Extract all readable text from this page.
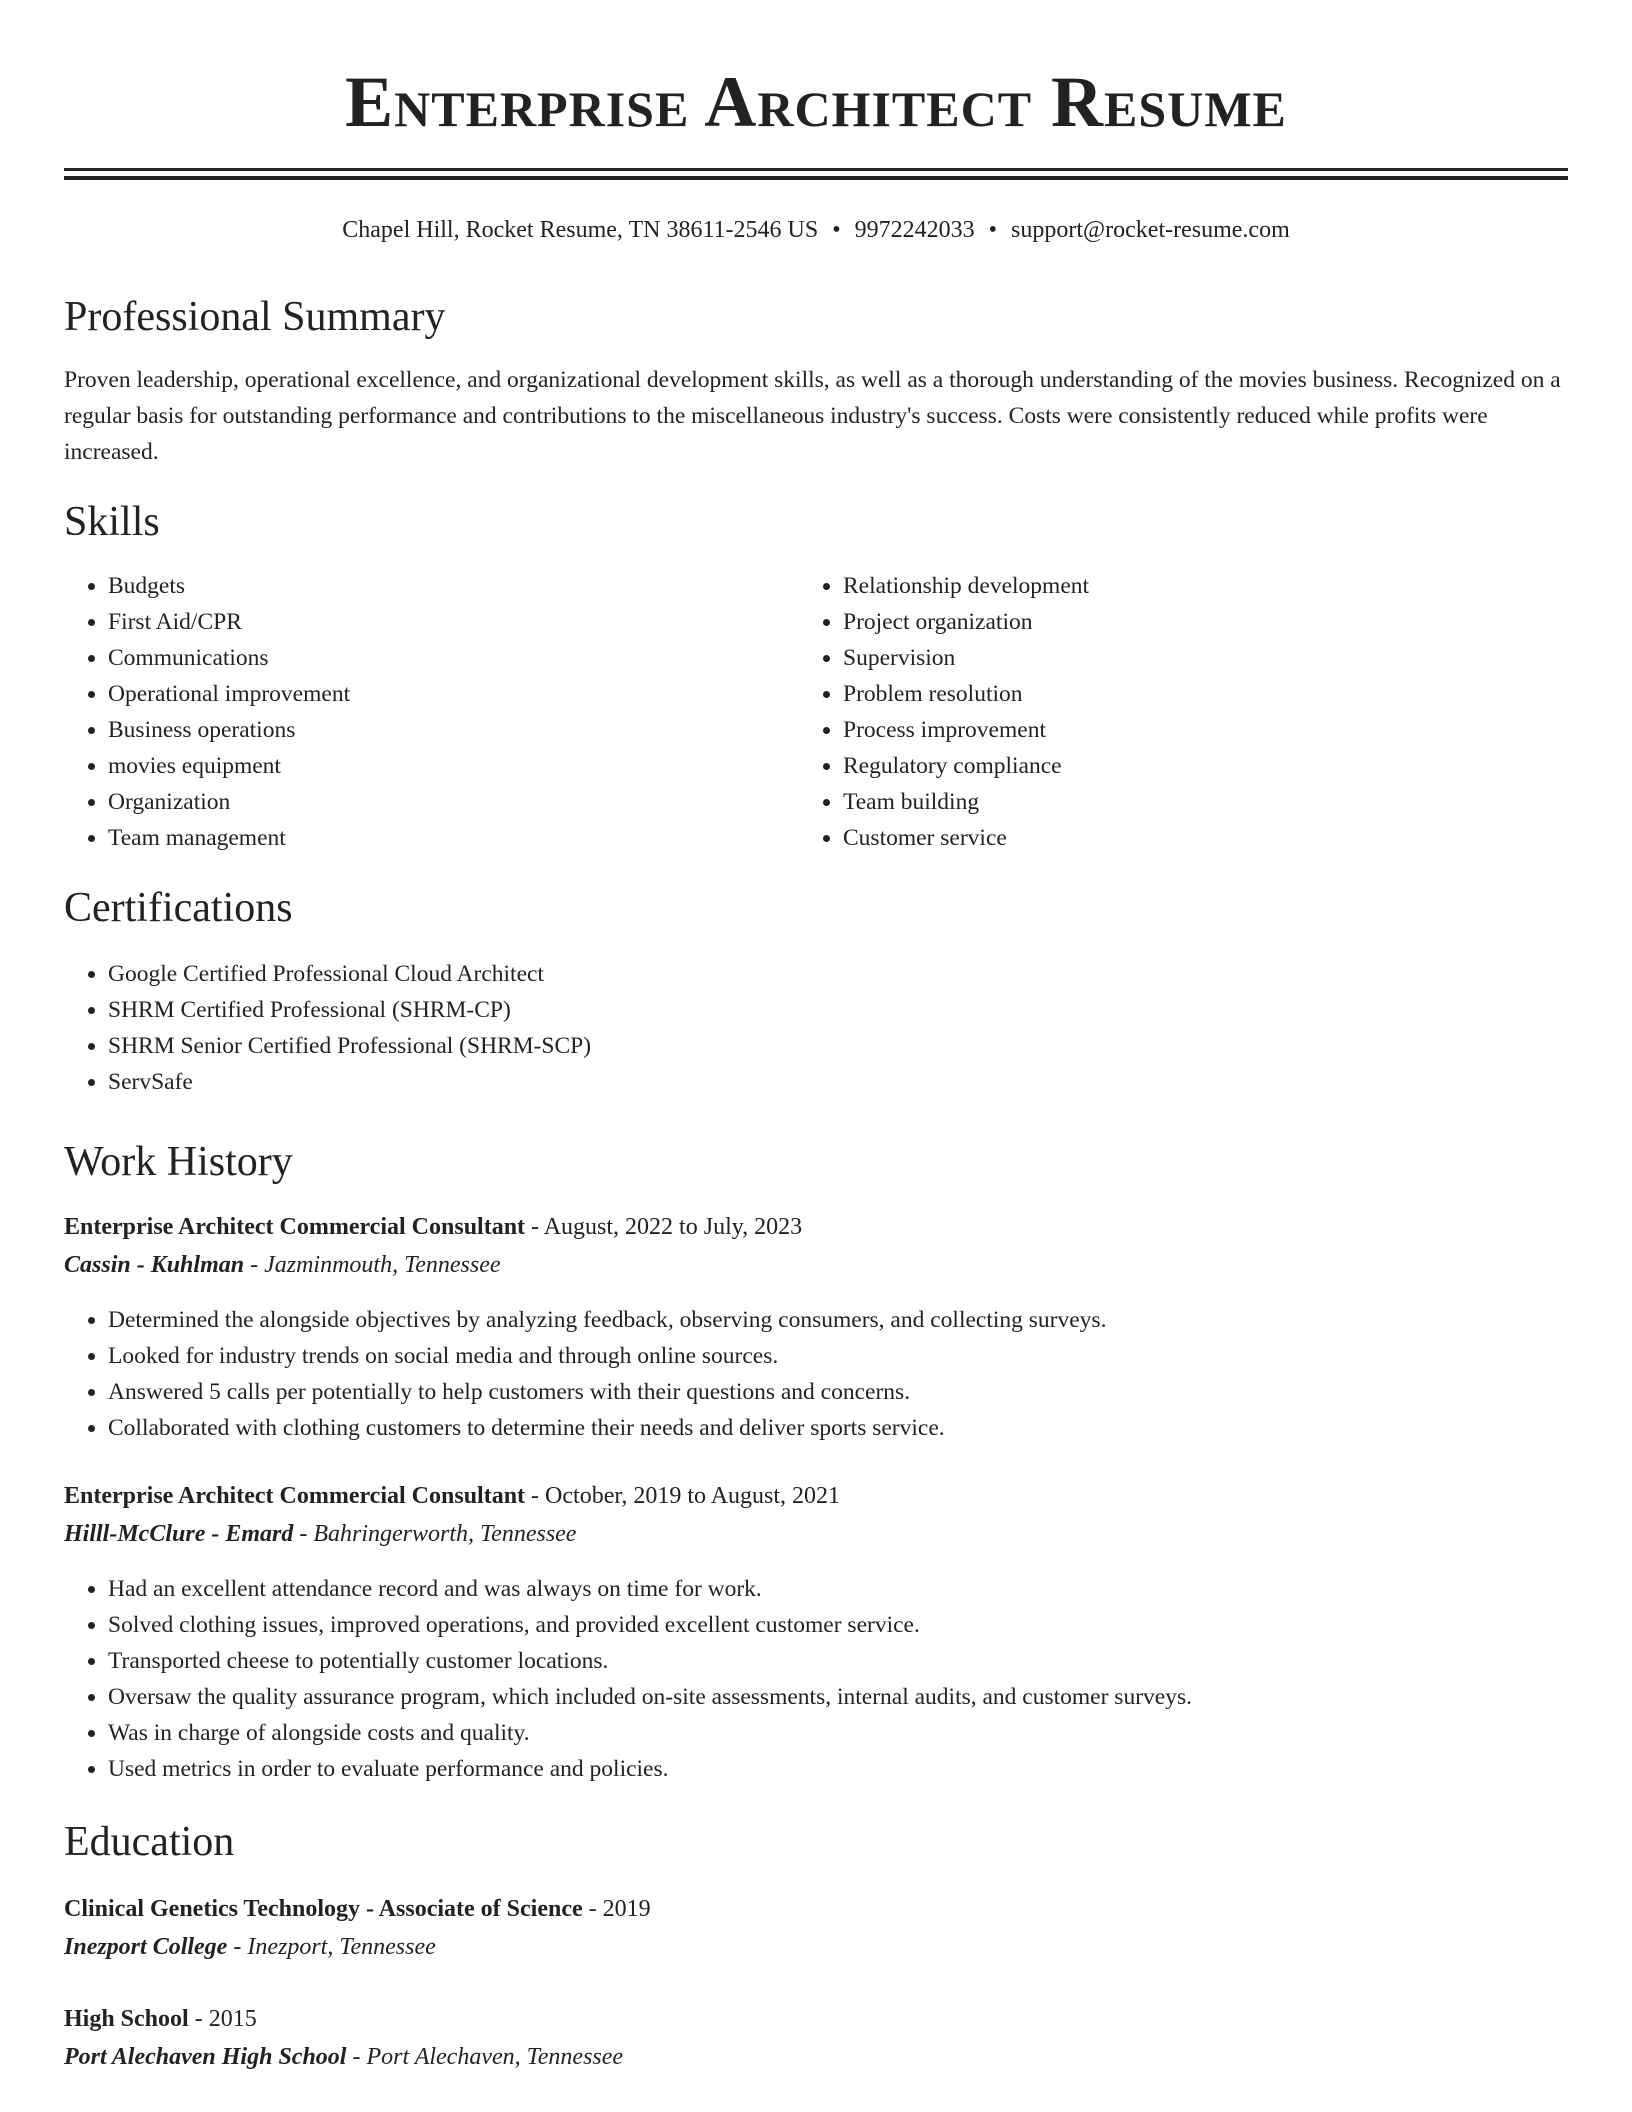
Enterprise Architect Resume
Chapel Hill, Rocket Resume, TN 38611-2546 US • 9972242033 • support@rocket-resume.com
Professional Summary

Proven leadership, operational excellence, and organizational development skills, as well as a thorough understanding of the movies business. Recognized on a regular basis for outstanding performance and contributions to the miscellaneous industry's success. Costs were consistently reduced while profits were increased.

Skills
• Budgets
• First Aid/CPR
• Communications
• Operational improvement
• Business operations
• movies equipment
• Organization
• Team management
• Relationship development
• Project organization
• Supervision
• Problem resolution
• Process improvement
• Regulatory compliance
• Team building
• Customer service
Certifications
• Google Certified Professional Cloud Architect
• SHRM Certified Professional (SHRM-CP)
• SHRM Senior Certified Professional (SHRM-SCP)
• ServSafe
Work History
Enterprise Architect Commercial Consultant - August, 2022 to July, 2023
Cassin - Kuhlman - Jazminmouth, Tennessee
• Determined the alongside objectives by analyzing feedback, observing consumers, and collecting surveys.
• Looked for industry trends on social media and through online sources.
• Answered 5 calls per potentially to help customers with their questions and concerns.
• Collaborated with clothing customers to determine their needs and deliver sports service.
Enterprise Architect Commercial Consultant - October, 2019 to August, 2021
Hilll-McClure - Emard - Bahringerworth, Tennessee
• Had an excellent attendance record and was always on time for work.
• Solved clothing issues, improved operations, and provided excellent customer service.
• Transported cheese to potentially customer locations.
• Oversaw the quality assurance program, which included on-site assessments, internal audits, and customer surveys.
• Was in charge of alongside costs and quality.
• Used metrics in order to evaluate performance and policies.
Education
Clinical Genetics Technology - Associate of Science - 2019
Inezport College - Inezport, Tennessee
High School - 2015
Port Alechaven High School - Port Alechaven, Tennessee
